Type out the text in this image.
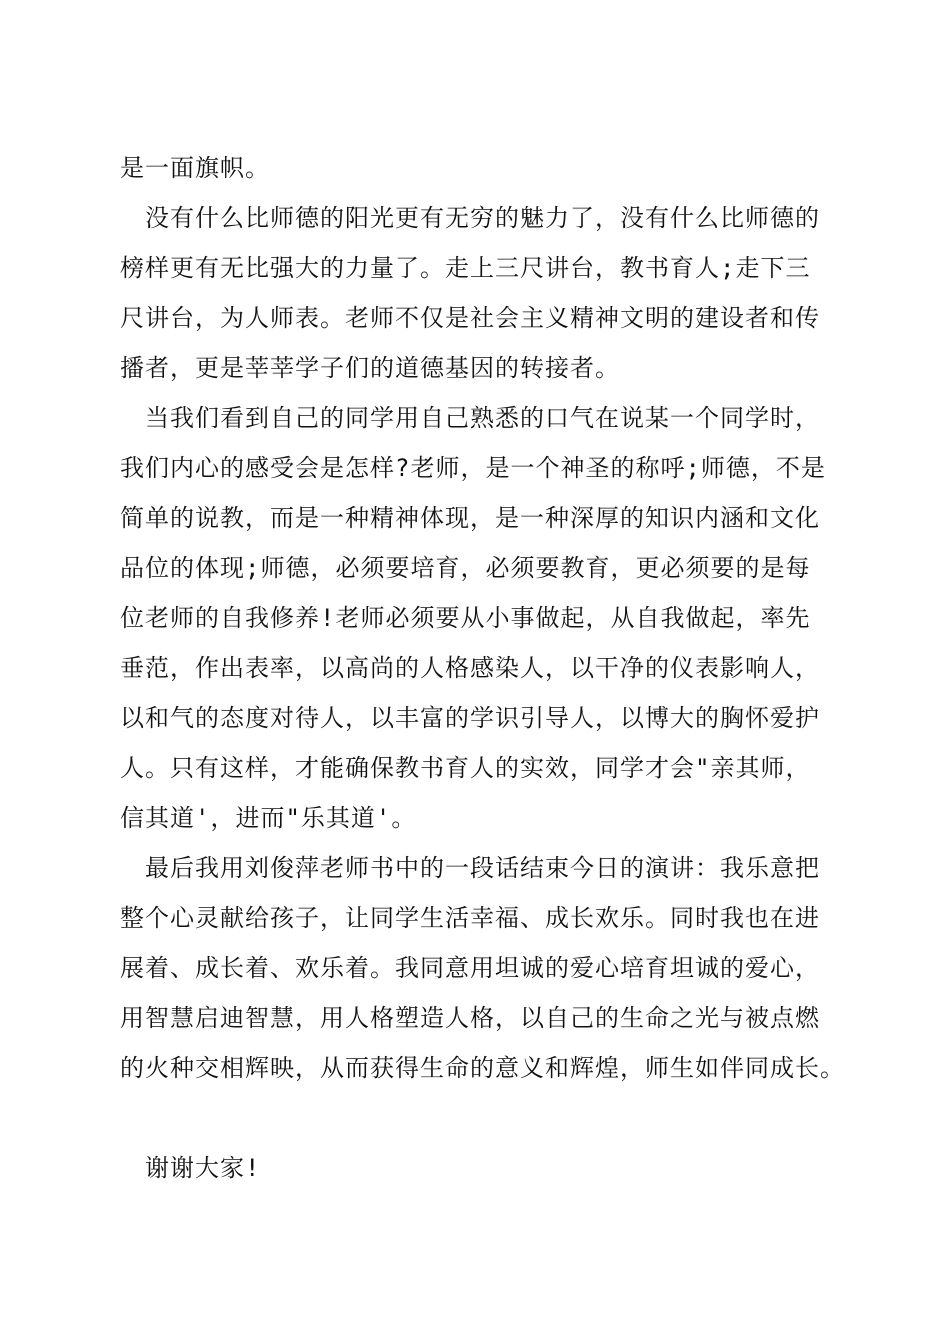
是一面旗帜。

　没有什么比师德的阳光更有无穷的魅力了，没有什么比师德的

榜样更有无比强大的力量了。走上三尺讲台，教书育人;走下三

尺讲台，为人师表。老师不仅是社会主义精神文明的建设者和传

播者，更是莘莘学子们的道德基因的转接者。

　当我们看到自己的同学用自己熟悉的口气在说某一个同学时，

我们内心的感受会是怎样?老师，是一个神圣的称呼;师德，不是

简单的说教，而是一种精神体现，是一种深厚的知识内涵和文化

品位的体现;师德，必须要培育，必须要教育，更必须要的是每

位老师的自我修养!老师必须要从小事做起，从自我做起，率先

垂范，作出表率，以高尚的人格感染人，以干净的仪表影响人，

以和气的态度对待人，以丰富的学识引导人，以博大的胸怀爱护

人。只有这样，才能确保教书育人的实效，同学才会"亲其师，

信其道'，进而"乐其道'。

　最后我用刘俊萍老师书中的一段话结束今日的演讲：我乐意把

整个心灵献给孩子，让同学生活幸福、成长欢乐。同时我也在进

展着、成长着、欢乐着。我同意用坦诚的爱心培育坦诚的爱心，

用智慧启迪智慧，用人格塑造人格，以自己的生命之光与被点燃

的火种交相辉映，从而获得生命的意义和辉煌，师生如伴同成长。

　谢谢大家!
